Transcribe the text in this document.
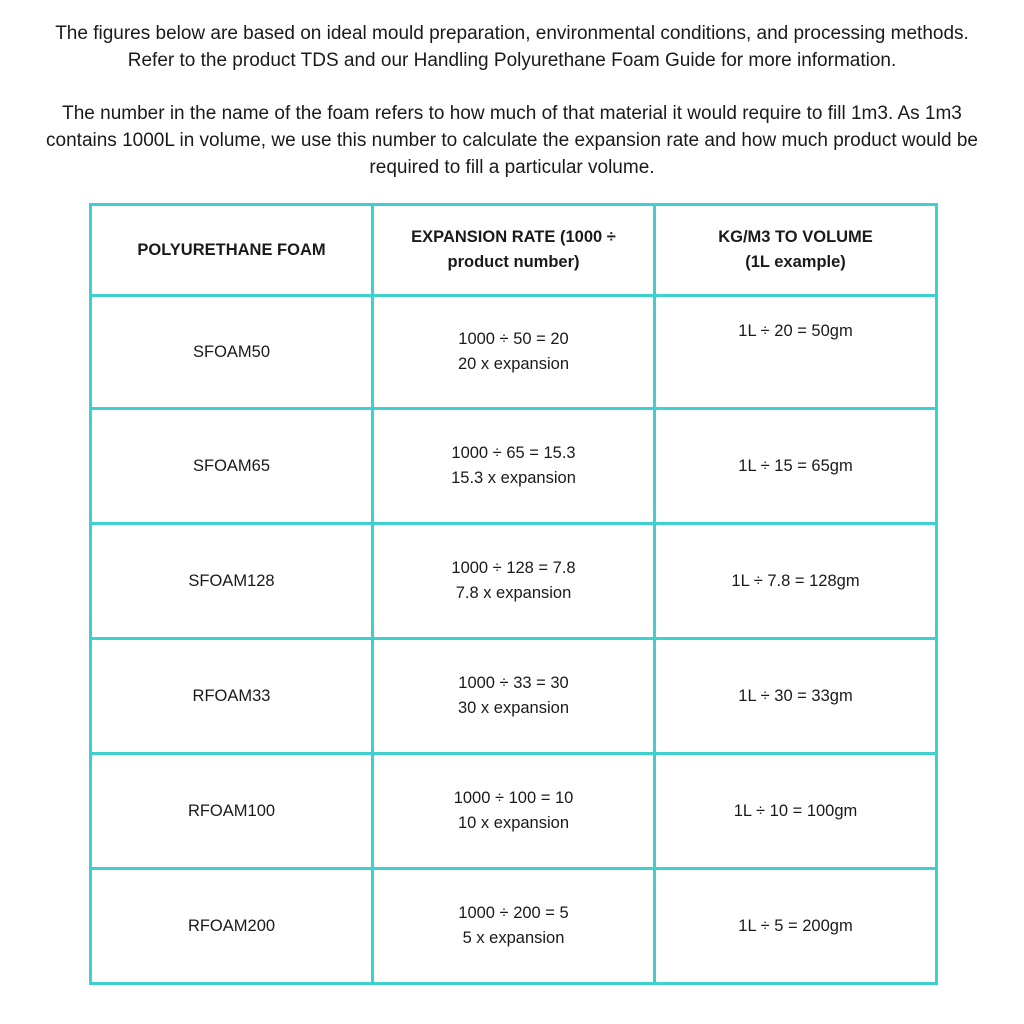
The figures below are based on ideal mould preparation, environmental conditions, and processing methods.
Refer to the product TDS and our Handling Polyurethane Foam Guide for more information.

The number in the name of the foam refers to how much of that material it would require to fill 1m3. As 1m3
contains 1000L in volume, we use this number to calculate the expansion rate and how much product would be
required to fill a particular volume.

POLYURETHANE FOAM	EXPANSION RATE (1000 ÷
product number)	KG/M3 TO VOLUME
(1L example)

SFOAM50	1000 ÷ 50 = 20
20 x expansion	1L ÷ 20 = 50gm
SFOAM65	1000 ÷ 65 = 15.3
15.3 x expansion	1L ÷ 15 = 65gm
SFOAM128	1000 ÷ 128 = 7.8
7.8 x expansion	1L ÷ 7.8 = 128gm
RFOAM33	1000 ÷ 33 = 30
30 x expansion	1L ÷ 30 = 33gm
RFOAM100	1000 ÷ 100 = 10
10 x expansion	1L ÷ 10 = 100gm
RFOAM200	1000 ÷ 200 = 5
5 x expansion	1L ÷ 5 = 200gm
